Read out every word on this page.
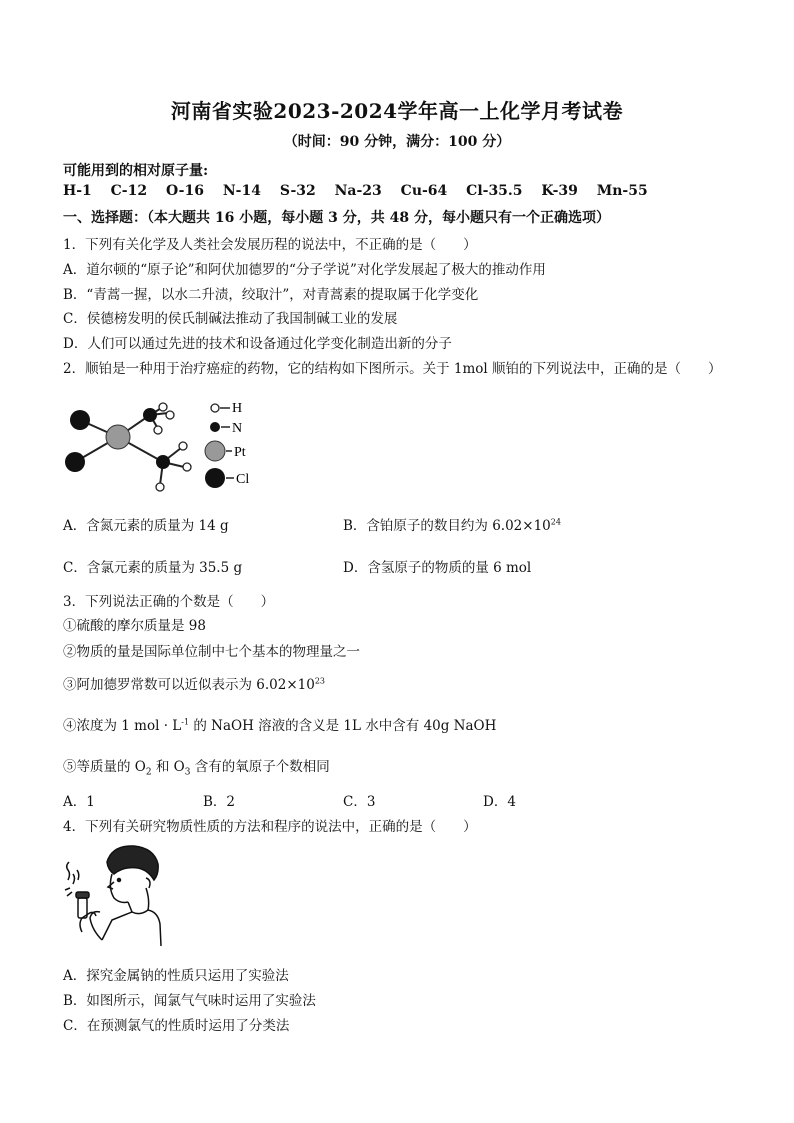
河南省实验2023-2024学年高一上化学月考试卷
（时间：90 分钟，满分：100 分）
可能用到的相对原子量:
H-1 C-12 O-16 N-14 S-32 Na-23 Cu-64 Cl-35.5 K-39 Mn-55
一、选择题：（本大题共 16 小题，每小题 3 分，共 48 分，每小题只有一个正确选项）
1．下列有关化学及人类社会发展历程的说法中，不正确的是（　　）
A．道尔顿的“原子论”和阿伏加德罗的“分子学说”对化学发展起了极大的推动作用
B．“青蒿一握，以水二升渍，绞取汁”，对青蒿素的提取属于化学变化
C．侯德榜发明的侯氏制碱法推动了我国制碱工业的发展
D．人们可以通过先进的技术和设备通过化学变化制造出新的分子
2．顺铂是一种用于治疗癌症的药物，它的结构如下图所示。关于 1mol 顺铂的下列说法中，正确的是（　　）
H
N
Pt
Cl
A．含氮元素的质量为 14 g	B．含铂原子的数目约为 $6.02\times 10^{24}$
C．含氯元素的质量为 35.5 g	D．含氢原子的物质的量 6 mol
3．下列说法正确的个数是（　　）
①硫酸的摩尔质量是 98
②物质的量是国际单位制中七个基本的物理量之一
③阿加德罗常数可以近似表示为 $6.02\times 10^{23}$
④浓度为 1 mol · $L^{-1}$ 的 NaOH 溶液的含义是 1L 水中含有 40g NaOH
⑤等质量的 $O_2$ 和 $O_3$ 含有的氧原子个数相同
A．1	B．2	C．3	D．4
4．下列有关研究物质性质的方法和程序的说法中，正确的是（　　）
A．探究金属钠的性质只运用了实验法
B．如图所示，闻氯气气味时运用了实验法
C．在预测氯气的性质时运用了分类法
